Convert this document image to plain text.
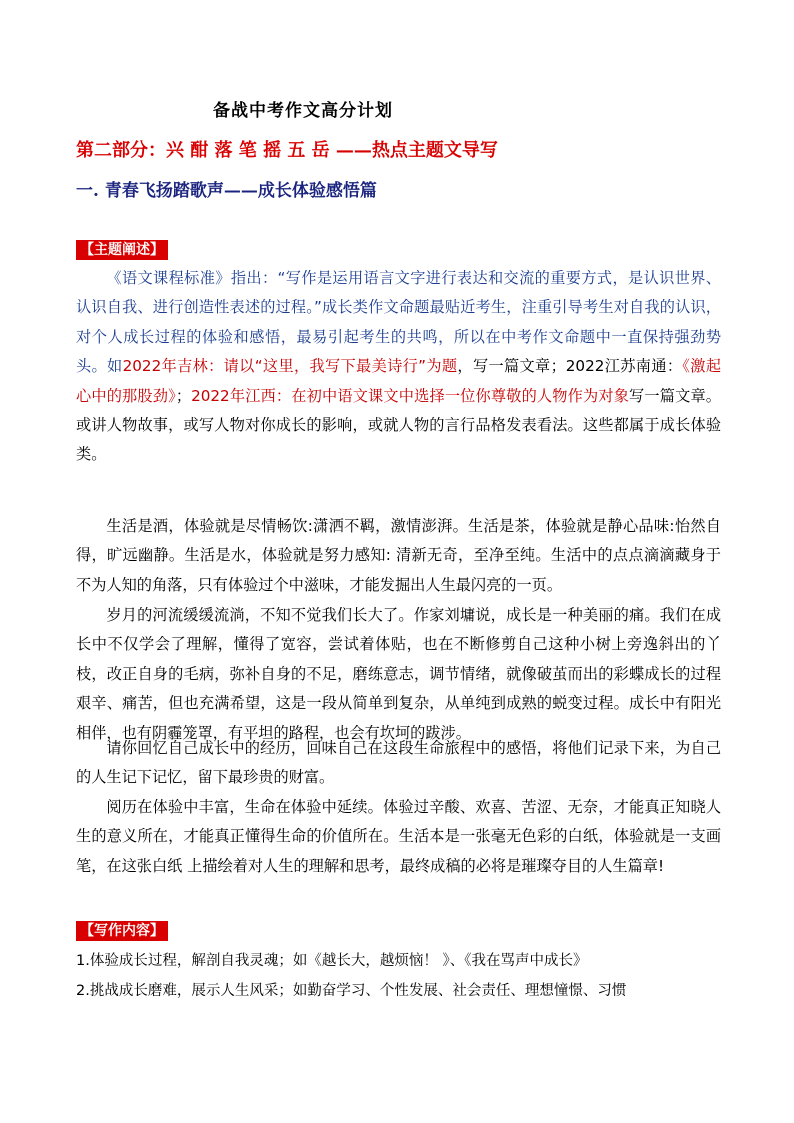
备战中考作文高分计划
第二部分：兴 酣 落 笔 摇 五 岳 ——热点主题文导写
一. 青春飞扬踏歌声——成长体验感悟篇
【主题阐述】

《语文课程标准》指出：“写作是运用语言文字进行表达和交流的重要方式，是认识世界、认识自我、进行创造性表述的过程。”成长类作文命题最贴近考生，注重引导考生对自我的认识，对个人成长过程的体验和感悟，最易引起考生的共鸣，所以在中考作文命题中一直保持强劲势头。如2022年吉林：请以“这里，我写下最美诗行”为题，写一篇文章；2022江苏南通：《激起心中的那股劲》；2022年江西：在初中语文课文中选择一位你尊敬的人物作为对象写一篇文章。或讲人物故事，或写人物对你成长的影响，或就人物的言行品格发表看法。这些都属于成长体验类。

生活是酒，体验就是尽情畅饮:潇洒不羁，激情澎湃。生活是茶，体验就是静心品味:怡然自得，旷远幽静。生活是水，体验就是努力感知: 清新无奇，至净至纯。生活中的点点滴滴藏身于不为人知的角落，只有体验过个中滋味，才能发掘出人生最闪亮的一页。

岁月的河流缓缓流淌，不知不觉我们长大了。作家刘墉说，成长是一种美丽的痛。我们在成长中不仅学会了理解，懂得了宽容，尝试着体贴，也在不断修剪自己这种小树上旁逸斜出的丫枝，改正自身的毛病，弥补自身的不足，磨练意志，调节情绪，就像破茧而出的彩蝶成长的过程艰辛、痛苦，但也充满希望，这是一段从简单到复杂，从单纯到成熟的蜕变过程。成长中有阳光相伴，也有阴霾笼罩，有平坦的路程，也会有坎坷的跋涉。

请你回忆自己成长中的经历，回味自己在这段生命旅程中的感悟，将他们记录下来，为自己的人生记下记忆，留下最珍贵的财富。

阅历在体验中丰富，生命在体验中延续。体验过辛酸、欢喜、苦涩、无奈，才能真正知晓人生的意义所在，才能真正懂得生命的价值所在。生活本是一张毫无色彩的白纸，体验就是一支画笔，在这张白纸 上描绘着对人生的理解和思考，最终成稿的必将是璀璨夺目的人生篇章!

【写作内容】
1.体验成长过程，解剖自我灵魂；如《越长大，越烦恼！ 》、《我在骂声中成长》
2.挑战成长磨难，展示人生风采；如勤奋学习、个性发展、社会责任、理想憧憬、习惯
